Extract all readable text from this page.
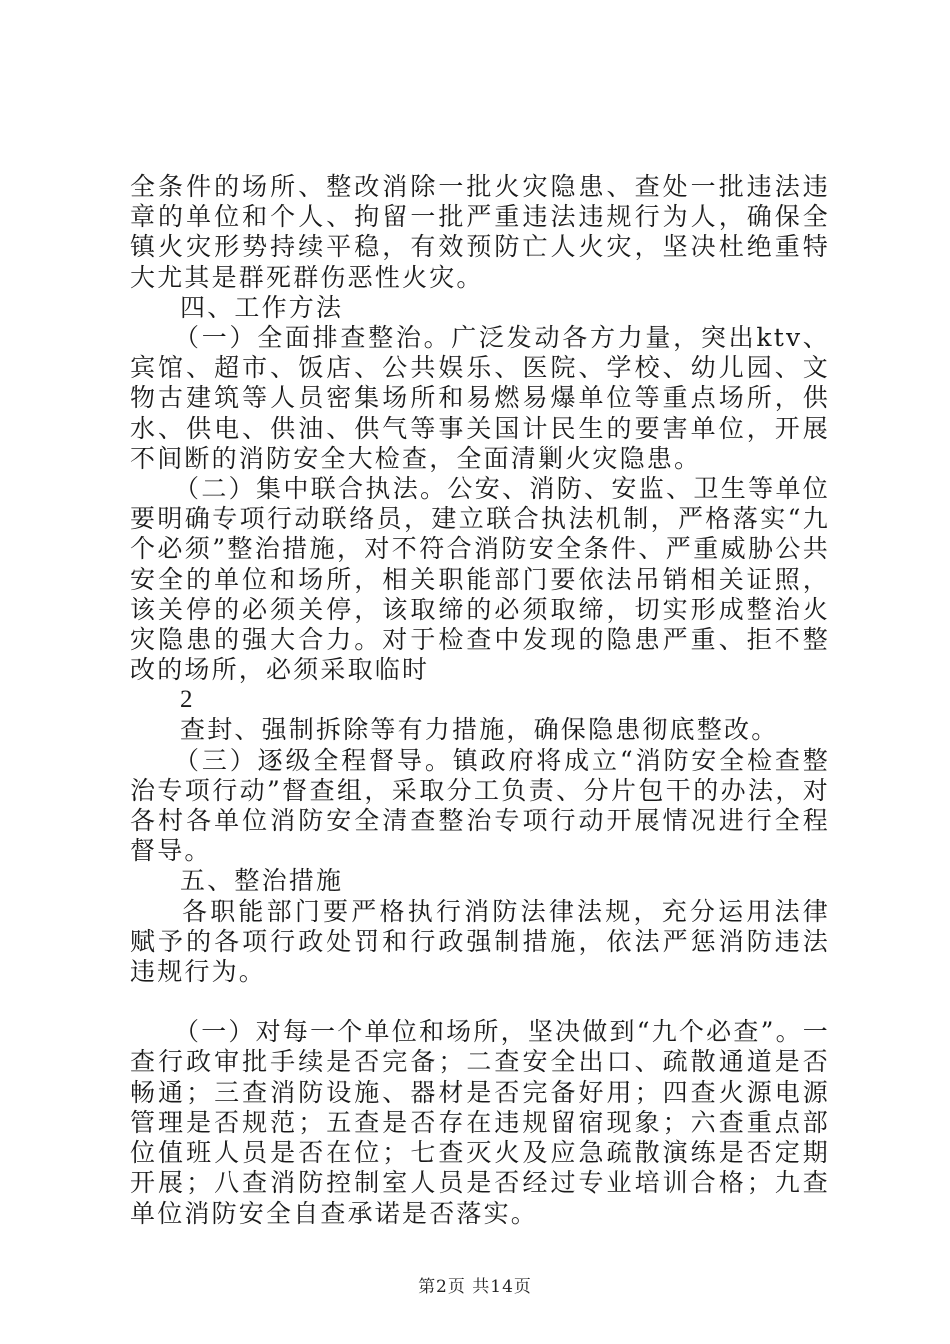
全条件的场所、整改消除一批火灾隐患、查处一批违法违章的单位和个人、拘留一批严重违法违规行为人，确保全镇火灾形势持续平稳，有效预防亡人火灾，坚决杜绝重特大尤其是群死群伤恶性火灾。

四、工作方法

（一）全面排查整治。广泛发动各方力量，突出ktv、宾馆、超市、饭店、公共娱乐、医院、学校、幼儿园、文物古建筑等人员密集场所和易燃易爆单位等重点场所，供水、供电、供油、供气等事关国计民生的要害单位，开展不间断的消防安全大检查，全面清剿火灾隐患。

（二）集中联合执法。公安、消防、安监、卫生等单位要明确专项行动联络员，建立联合执法机制，严格落实“九个必须”整治措施，对不符合消防安全条件、严重威胁公共安全的单位和场所，相关职能部门要依法吊销相关证照，该关停的必须关停，该取缔的必须取缔，切实形成整治火灾隐患的强大合力。对于检查中发现的隐患严重、拒不整改的场所，必须采取临时

2

查封、强制拆除等有力措施，确保隐患彻底整改。

（三）逐级全程督导。镇政府将成立“消防安全检查整治专项行动”督查组，采取分工负责、分片包干的办法，对各村各单位消防安全清查整治专项行动开展情况进行全程督导。

五、整治措施

各职能部门要严格执行消防法律法规，充分运用法律赋予的各项行政处罚和行政强制措施，依法严惩消防违法违规行为。

（一）对每一个单位和场所，坚决做到“九个必查”。一查行政审批手续是否完备；二查安全出口、疏散通道是否畅通；三查消防设施、器材是否完备好用；四查火源电源管理是否规范；五查是否存在违规留宿现象；六查重点部位值班人员是否在位；七查灭火及应急疏散演练是否定期开展；八查消防控制室人员是否经过专业培训合格；九查单位消防安全自查承诺是否落实。

第2页 共14页
